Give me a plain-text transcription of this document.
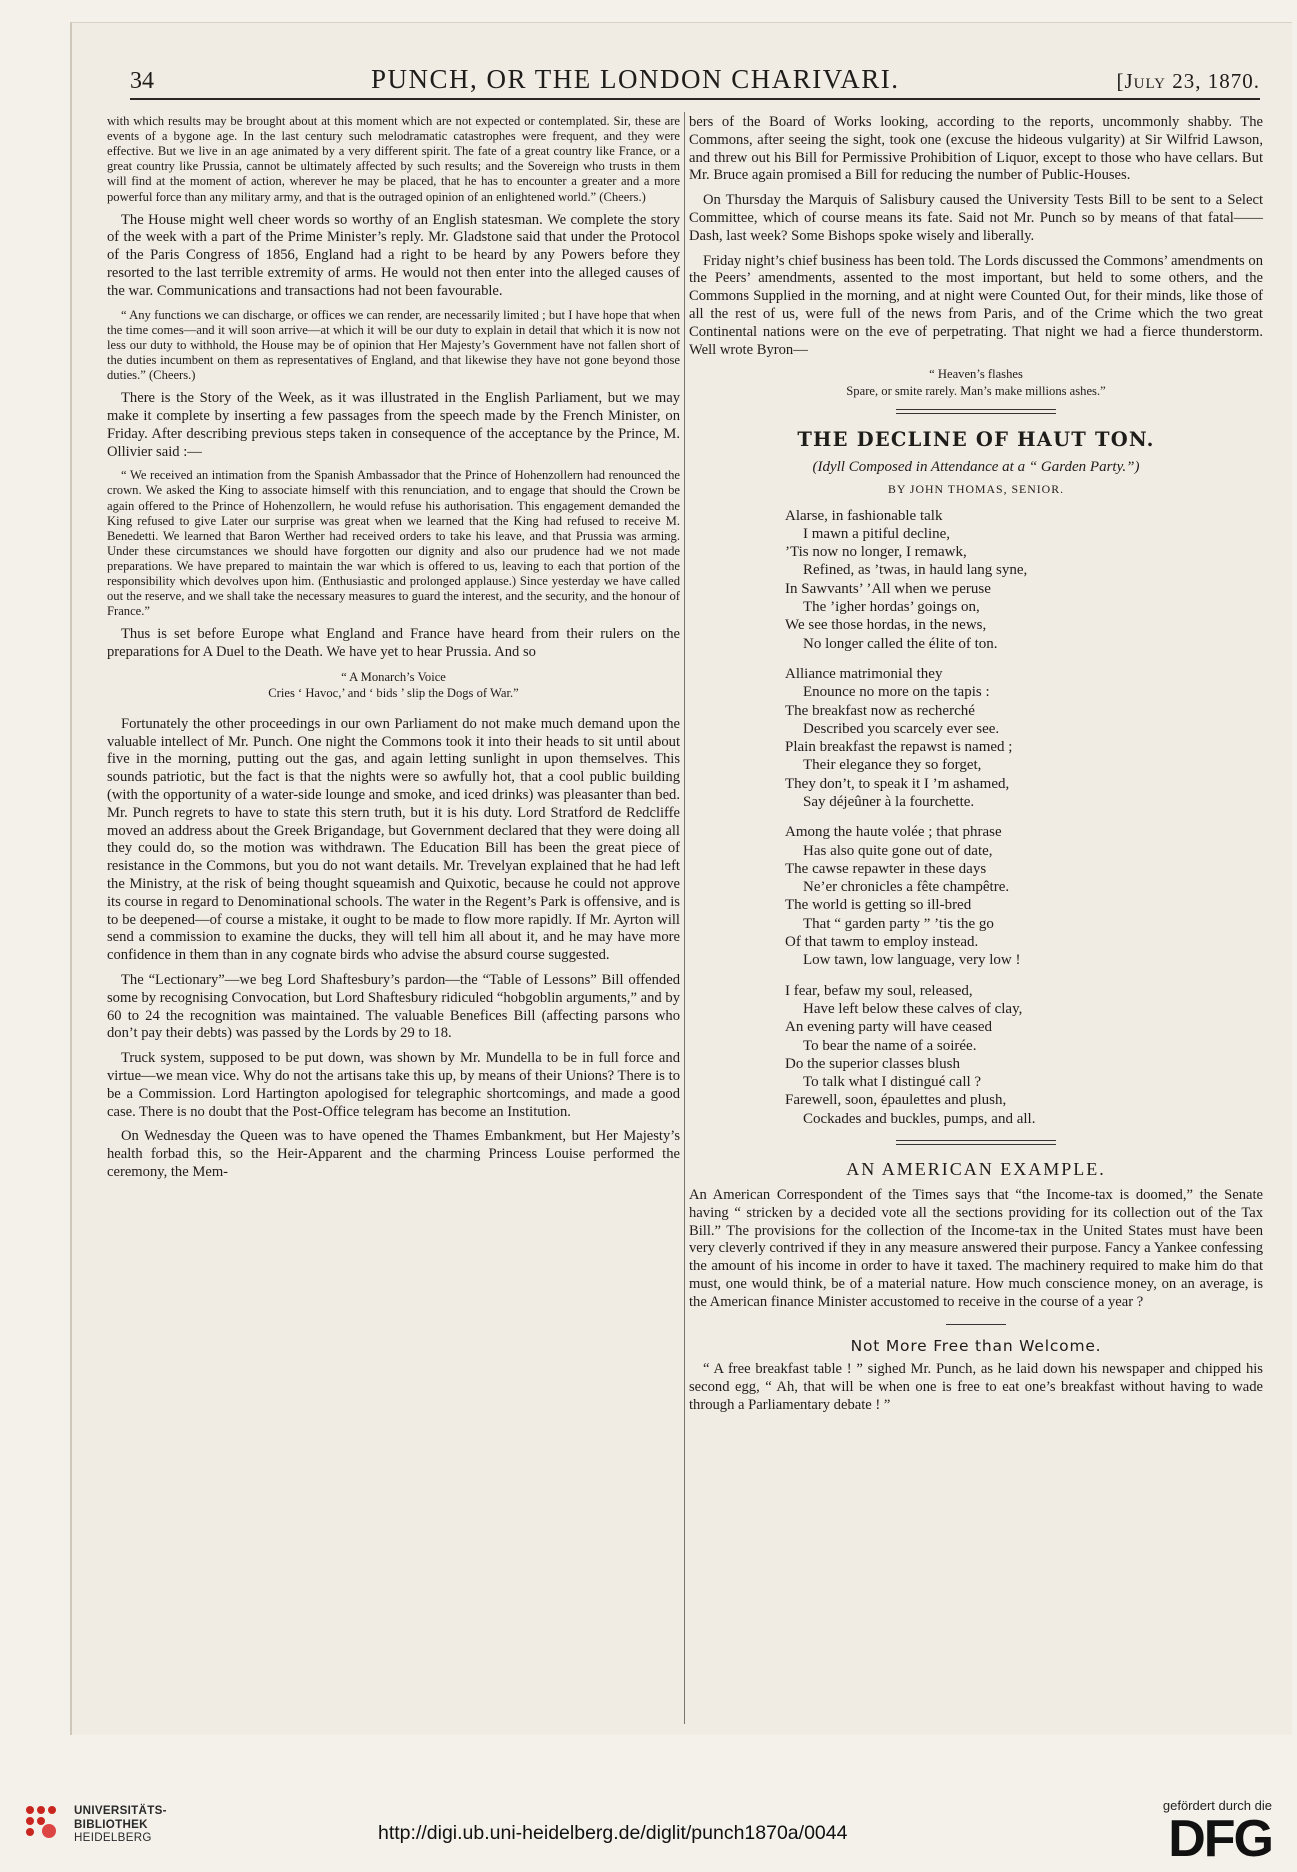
34	PUNCH, OR THE LONDON CHARIVARI.	[July 23, 1870.

with which results may be brought about at this moment which are not expected or contemplated. Sir, these are events of a bygone age. In the last century such melodramatic catastrophes were frequent, and they were effective. But we live in an age animated by a very different spirit. The fate of a great country like France, or a great country like Prussia, cannot be ultimately affected by such results; and the Sovereign who trusts in them will find at the moment of action, wherever he may be placed, that he has to encounter a greater and a more powerful force than any military army, and that is the outraged opinion of an enlightened world.” (Cheers.)

The House might well cheer words so worthy of an English statesman. We complete the story of the week with a part of the Prime Minister’s reply. Mr. Gladstone said that under the Protocol of the Paris Congress of 1856, England had a right to be heard by any Powers before they resorted to the last terrible extremity of arms. He would not then enter into the alleged causes of the war. Communications and transactions had not been favourable.

“ Any functions we can discharge, or offices we can render, are necessarily limited ; but I have hope that when the time comes—and it will soon arrive—at which it will be our duty to explain in detail that which it is now not less our duty to withhold, the House may be of opinion that Her Majesty’s Government have not fallen short of the duties incumbent on them as representatives of England, and that likewise they have not gone beyond those duties.” (Cheers.)

There is the Story of the Week, as it was illustrated in the English Parliament, but we may make it complete by inserting a few passages from the speech made by the French Minister, on Friday. After describing previous steps taken in consequence of the acceptance by the Prince, M. Ollivier said :—

“ We received an intimation from the Spanish Ambassador that the Prince of Hohenzollern had renounced the crown. We asked the King to associate himself with this renunciation, and to engage that should the Crown be again offered to the Prince of Hohenzollern, he would refuse his authorisation. This engagement demanded the King refused to give Later our surprise was great when we learned that the King had refused to receive M. Benedetti. We learned that Baron Werther had received orders to take his leave, and that Prussia was arming. Under these circumstances we should have forgotten our dignity and also our prudence had we not made preparations. We have prepared to maintain the war which is offered to us, leaving to each that portion of the responsibility which devolves upon him. (Enthusiastic and prolonged applause.) Since yesterday we have called out the reserve, and we shall take the necessary measures to guard the interest, and the security, and the honour of France.”

Thus is set before Europe what England and France have heard from their rulers on the preparations for A Duel to the Death. We have yet to hear Prussia. And so

“ A Monarch’s Voice
Cries ‘ Havoc,’ and ‘ bids ’ slip the Dogs of War.”

Fortunately the other proceedings in our own Parliament do not make much demand upon the valuable intellect of Mr. Punch. One night the Commons took it into their heads to sit until about five in the morning, putting out the gas, and again letting sunlight in upon themselves. This sounds patriotic, but the fact is that the nights were so awfully hot, that a cool public building (with the opportunity of a water-side lounge and smoke, and iced drinks) was pleasanter than bed. Mr. Punch regrets to have to state this stern truth, but it is his duty. Lord Stratford de Redcliffe moved an address about the Greek Brigandage, but Government declared that they were doing all they could do, so the motion was withdrawn. The Education Bill has been the great piece of resistance in the Commons, but you do not want details. Mr. Trevelyan explained that he had left the Ministry, at the risk of being thought squeamish and Quixotic, because he could not approve its course in regard to Denominational schools. The water in the Regent’s Park is offensive, and is to be deepened—of course a mistake, it ought to be made to flow more rapidly. If Mr. Ayrton will send a commission to examine the ducks, they will tell him all about it, and he may have more confidence in them than in any cognate birds who advise the absurd course suggested.

The “Lectionary”—we beg Lord Shaftesbury’s pardon—the “Table of Lessons” Bill offended some by recognising Convocation, but Lord Shaftesbury ridiculed “hobgoblin arguments,” and by 60 to 24 the recognition was maintained. The valuable Benefices Bill (affecting parsons who don’t pay their debts) was passed by the Lords by 29 to 18.

Truck system, supposed to be put down, was shown by Mr. Mundella to be in full force and virtue—we mean vice. Why do not the artisans take this up, by means of their Unions? There is to be a Commission. Lord Hartington apologised for telegraphic shortcomings, and made a good case. There is no doubt that the Post-Office telegram has become an Institution.

On Wednesday the Queen was to have opened the Thames Embankment, but Her Majesty’s health forbad this, so the Heir-Apparent and the charming Princess Louise performed the ceremony, the Mem-

bers of the Board of Works looking, according to the reports, uncommonly shabby. The Commons, after seeing the sight, took one (excuse the hideous vulgarity) at Sir Wilfrid Lawson, and threw out his Bill for Permissive Prohibition of Liquor, except to those who have cellars. But Mr. Bruce again promised a Bill for reducing the number of Public-Houses.

On Thursday the Marquis of Salisbury caused the University Tests Bill to be sent to a Select Committee, which of course means its fate. Said not Mr. Punch so by means of that fatal——Dash, last week? Some Bishops spoke wisely and liberally.

Friday night’s chief business has been told. The Lords discussed the Commons’ amendments on the Peers’ amendments, assented to the most important, but held to some others, and the Commons Supplied in the morning, and at night were Counted Out, for their minds, like those of all the rest of us, were full of the news from Paris, and of the Crime which the two great Continental nations were on the eve of perpetrating. That night we had a fierce thunderstorm. Well wrote Byron—

“ Heaven’s flashes
Spare, or smite rarely. Man’s make millions ashes.”
THE DECLINE OF HAUT TON.
(Idyll Composed in Attendance at a “ Garden Party.”)
BY JOHN THOMAS, SENIOR.
Alarse, in fashionable talk
I mawn a pitiful decline,
’Tis now no longer, I remawk,
Refined, as ’twas, in hauld lang syne,
In Sawvants’ ’All when we peruse
The ’igher hordas’ goings on,
We see those hordas, in the news,
No longer called the élite of ton.
Alliance matrimonial they
Enounce no more on the tapis :
The breakfast now as recherché
Described you scarcely ever see.
Plain breakfast the repawst is named ;
Their elegance they so forget,
They don’t, to speak it I ’m ashamed,
Say déjeûner à la fourchette.
Among the haute volée ; that phrase
Has also quite gone out of date,
The cawse repawter in these days
Ne’er chronicles a fête champêtre.
The world is getting so ill-bred
That “ garden party ” ’tis the go
Of that tawm to employ instead.
Low tawn, low language, very low !
I fear, befaw my soul, released,
Have left below these calves of clay,
An evening party will have ceased
To bear the name of a soirée.
Do the superior classes blush
To talk what I distingué call ?
Farewell, soon, épaulettes and plush,
Cockades and buckles, pumps, and all.
AN AMERICAN EXAMPLE.

An American Correspondent of the Times says that “the Income-tax is doomed,” the Senate having “ stricken by a decided vote all the sections providing for its collection out of the Tax Bill.” The provisions for the collection of the Income-tax in the United States must have been very cleverly contrived if they in any measure answered their purpose. Fancy a Yankee confessing the amount of his income in order to have it taxed. The machinery required to make him do that must, one would think, be of a material nature. How much conscience money, on an average, is the American finance Minister accustomed to receive in the course of a year ?

Not More Free than Welcome.

“ A free breakfast table ! ” sighed Mr. Punch, as he laid down his newspaper and chipped his second egg, “ Ah, that will be when one is free to eat one’s breakfast without having to wade through a Parliamentary debate ! ”

UNIVERSITÄTS-
BIBLIOTHEK
HEIDELBERG	http://digi.ub.uni-heidelberg.de/diglit/punch1870a/0044
gefördert durch die
DFG
